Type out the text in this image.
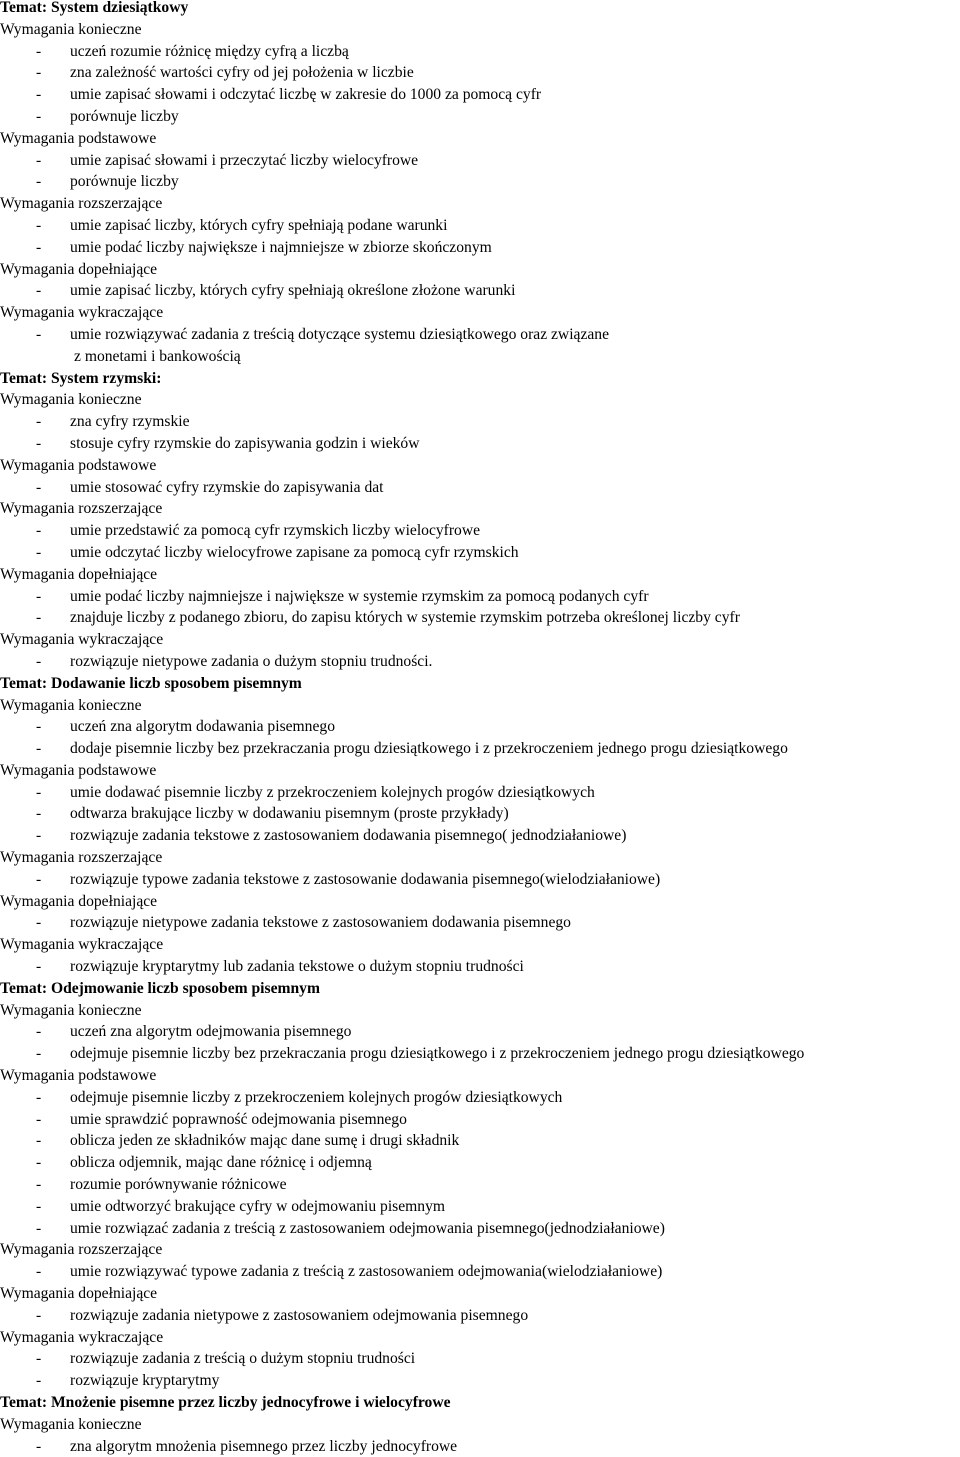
Temat: System dziesiątkowy
Wymagania konieczne
- uczeń rozumie różnicę między cyfrą a liczbą
- zna zależność wartości cyfry od jej położenia w liczbie
- umie zapisać słowami i odczytać liczbę w zakresie do 1000 za pomocą cyfr
- porównuje liczby
Wymagania podstawowe
- umie zapisać słowami i przeczytać liczby wielocyfrowe
- porównuje liczby
Wymagania rozszerzające
- umie zapisać liczby, których cyfry spełniają podane warunki
- umie podać liczby największe i najmniejsze w zbiorze skończonym
Wymagania dopełniające
- umie zapisać liczby, których cyfry spełniają określone złożone warunki
Wymagania wykraczające
- umie rozwiązywać zadania z treścią dotyczące systemu dziesiątkowego oraz związane
z monetami i bankowością
Temat: System rzymski:
Wymagania konieczne
- zna cyfry rzymskie
- stosuje cyfry rzymskie do zapisywania godzin i wieków
Wymagania podstawowe
- umie stosować cyfry rzymskie do zapisywania dat
Wymagania rozszerzające
- umie przedstawić za pomocą cyfr rzymskich liczby wielocyfrowe
- umie odczytać liczby wielocyfrowe zapisane za pomocą cyfr rzymskich
Wymagania dopełniające
- umie podać liczby najmniejsze i największe w systemie rzymskim za pomocą podanych cyfr
- znajduje liczby z podanego zbioru, do zapisu których w systemie rzymskim potrzeba określonej liczby cyfr
Wymagania wykraczające
- rozwiązuje nietypowe zadania o dużym stopniu trudności.
Temat: Dodawanie liczb sposobem pisemnym
Wymagania konieczne
- uczeń zna algorytm dodawania pisemnego
- dodaje pisemnie liczby bez przekraczania progu dziesiątkowego i z przekroczeniem jednego progu dziesiątkowego
Wymagania podstawowe
- umie dodawać pisemnie liczby z przekroczeniem kolejnych progów dziesiątkowych
- odtwarza brakujące liczby w dodawaniu pisemnym (proste przykłady)
- rozwiązuje zadania tekstowe z zastosowaniem dodawania pisemnego( jednodziałaniowe)
Wymagania rozszerzające
- rozwiązuje typowe zadania tekstowe z zastosowanie dodawania pisemnego(wielodziałaniowe)
Wymagania dopełniające
- rozwiązuje nietypowe zadania tekstowe z zastosowaniem dodawania pisemnego
Wymagania wykraczające
- rozwiązuje kryptarytmy lub zadania tekstowe o dużym stopniu trudności
Temat: Odejmowanie liczb sposobem pisemnym
Wymagania konieczne
- uczeń zna algorytm odejmowania pisemnego
- odejmuje pisemnie liczby bez przekraczania progu dziesiątkowego i z przekroczeniem jednego progu dziesiątkowego
Wymagania podstawowe
- odejmuje pisemnie liczby z przekroczeniem kolejnych progów dziesiątkowych
- umie sprawdzić poprawność odejmowania pisemnego
- oblicza jeden ze składników mając dane sumę i drugi składnik
- oblicza odjemnik, mając dane różnicę i odjemną
- rozumie porównywanie różnicowe
- umie odtworzyć brakujące cyfry w odejmowaniu pisemnym
- umie rozwiązać zadania z treścią z zastosowaniem odejmowania pisemnego(jednodziałaniowe)
Wymagania rozszerzające
- umie rozwiązywać typowe zadania z treścią z zastosowaniem odejmowania(wielodziałaniowe)
Wymagania dopełniające
- rozwiązuje zadania nietypowe z zastosowaniem odejmowania pisemnego
Wymagania wykraczające
- rozwiązuje zadania z treścią o dużym stopniu trudności
- rozwiązuje kryptarytmy
Temat: Mnożenie pisemne przez liczby jednocyfrowe i wielocyfrowe
Wymagania konieczne
- zna algorytm mnożenia pisemnego przez liczby jednocyfrowe
